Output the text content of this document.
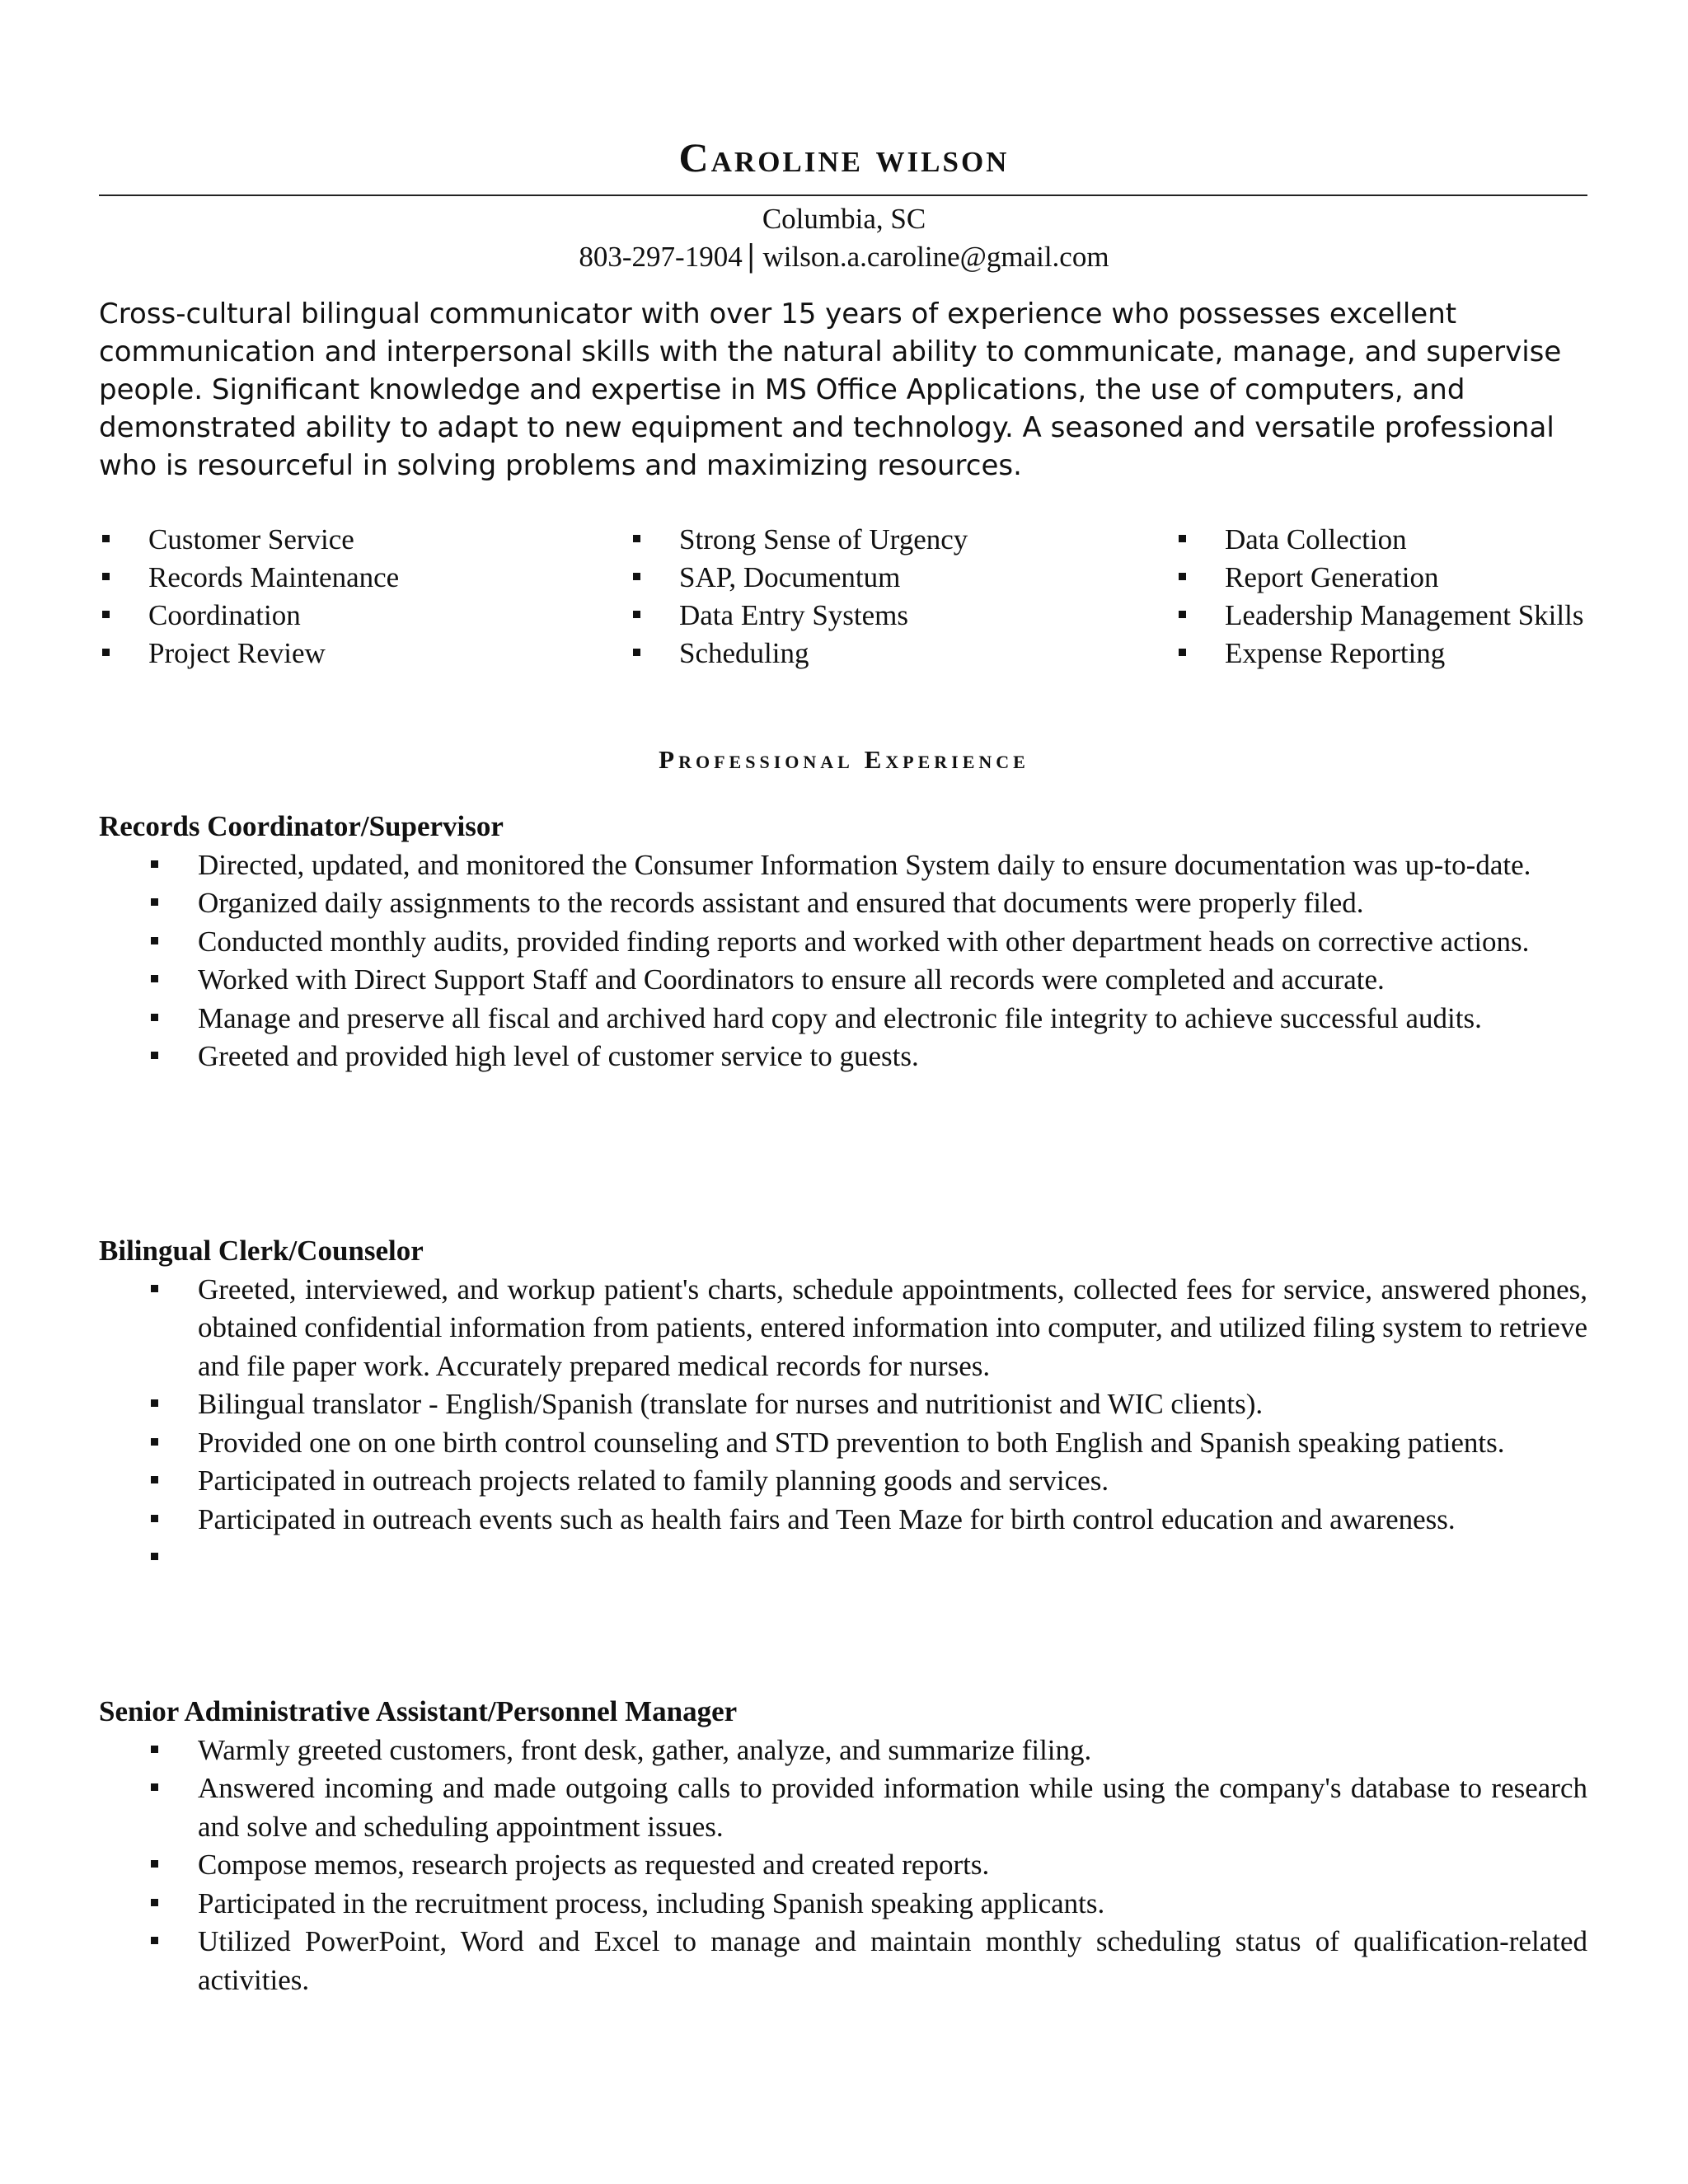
Caroline wilson
Columbia, SC
803-297-1904 | wilson.a.caroline@gmail.com
Cross-cultural bilingual communicator with over 15 years of experience who possesses excellent communication and interpersonal skills with the natural ability to communicate, manage, and supervise people. Significant knowledge and expertise in MS Office Applications, the use of computers, and demonstrated ability to adapt to new equipment and technology. A seasoned and versatile professional who is resourceful in solving problems and maximizing resources.
Customer Service
Records Maintenance
Coordination
Project Review
Strong Sense of Urgency
SAP, Documentum
Data Entry Systems
Scheduling
Data Collection
Report Generation
Leadership Management Skills
Expense Reporting
Professional Experience

Records Coordinator/Supervisor

Directed, updated, and monitored the Consumer Information System daily to ensure documentation was up-to-date.
Organized daily assignments to the records assistant and ensured that documents were properly filed.
Conducted monthly audits, provided finding reports and worked with other department heads on corrective actions.
Worked with Direct Support Staff and Coordinators to ensure all records were completed and accurate.
Manage and preserve all fiscal and archived hard copy and electronic file integrity to achieve successful audits.
Greeted and provided high level of customer service to guests.

Bilingual Clerk/Counselor

Greeted, interviewed, and workup patient's charts, schedule appointments, collected fees for service, answered phones, obtained confidential information from patients, entered information into computer, and utilized filing system to retrieve and file paper work. Accurately prepared medical records for nurses.
Bilingual translator - English/Spanish (translate for nurses and nutritionist and WIC clients).
Provided one on one birth control counseling and STD prevention to both English and Spanish speaking patients.
Participated in outreach projects related to family planning goods and services.
Participated in outreach events such as health fairs and Teen Maze for birth control education and awareness.

Senior Administrative Assistant/Personnel Manager

Warmly greeted customers, front desk, gather, analyze, and summarize filing.
Answered incoming and made outgoing calls to provided information while using the company's database to research and solve and scheduling appointment issues.
Compose memos, research projects as requested and created reports.
Participated in the recruitment process, including Spanish speaking applicants.
Utilized PowerPoint, Word and Excel to manage and maintain monthly scheduling status of qualification-related activities.
